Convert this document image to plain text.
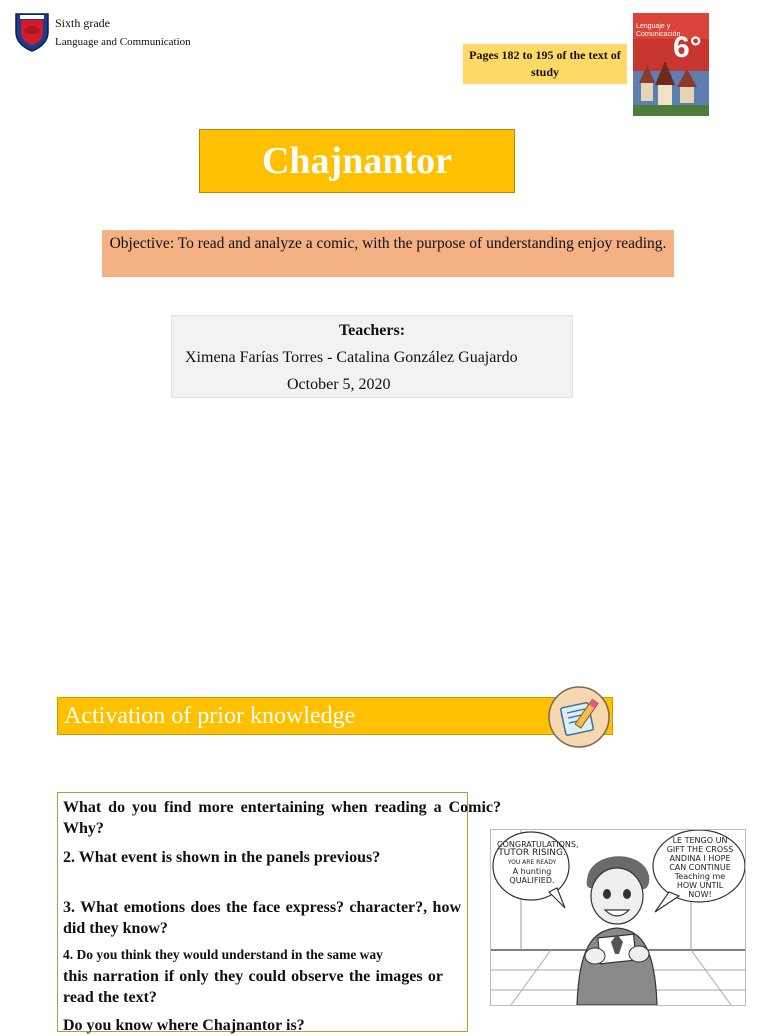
Sixth grade
Language and Communication
Pages 182 to 195 of the text of study
Lenguaje y Comunicación
6°
Chajnantor
Objective: To read and analyze a comic, with the purpose of understanding enjoy reading.
Teachers:
Ximena Farías Torres - Catalina González Guajardo
October 5, 2020
Activation of prior knowledge
What do you find more entertaining when reading a Comic? Why?
2. What event is shown in the panels previous?
3. What emotions does the face express? character?, how did they know?
4. Do you think they would understand in the same way
this narration if only they could observe the images or read the text?
Do you know where Chajnantor is?
CONGRATULATIONS,
TUTOR RISING.
YOU ARE READY
A hunting
QUALIFIED.
LE TENGO UN
GIFT THE CROSS
ANDINA I HOPE
CAN CONTINUE
Teaching me
HOW UNTIL
NOW!
